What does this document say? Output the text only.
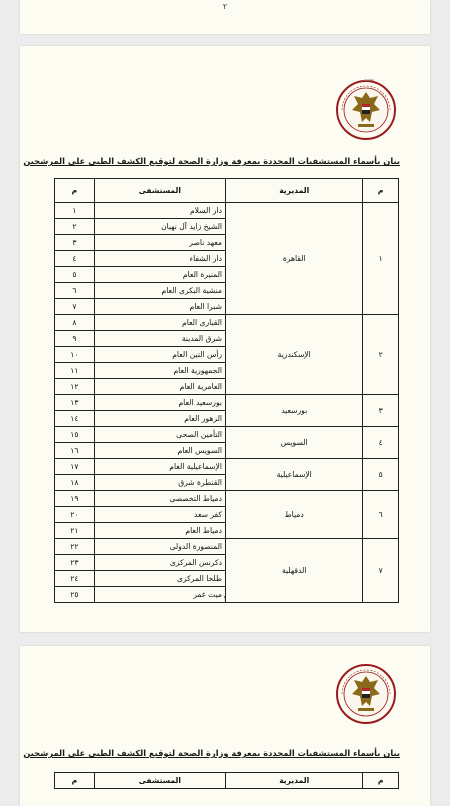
٢
بيان بأسماء المستشفيات المحددة بمعرفة وزارة الصحة لتوقيع الكشف الطبى على المرشحين
م	المديرية	المستشفى	م
١	القاهرة	دار السلام	١
		الشيخ زايد آل نهيان	٢
		معهد ناصر	٣
		دار الشفاء	٤
		المنيرة العام	٥
		منشية البكرى العام	٦
		شبرا العام	٧
٢	الإسكندرية	القبارى العام	٨
		شرق المدينة	٩
		رأس التين العام	١٠
		الجمهورية العام	١١
		العامرية العام	١٢
٣	بورسعيد	بورسعيد العام	١٣
		الزهور العام	١٤
٤	السويس	التأمين الصحى	١٥
		السويس العام	١٦
٥	الإسماعيلية	الإسماعيلية العام	١٧
		القنطرة شرق	١٨
٦	دمياط	دمياط التخصصى	١٩
		كفر سعد	٢٠
		دمياط العام	٢١
٧	الدقهلية	المنصورة الدولى	٢٢
		دكرنس المركزى	٢٣
		طلخا المركزى	٢٤
		ميت غمر	٢٥	١
بيان بأسماء المستشفيات المحددة بمعرفة وزارة الصحة لتوقيع الكشف الطبى على المرشحين
م	المديرية	المستشفى	م
